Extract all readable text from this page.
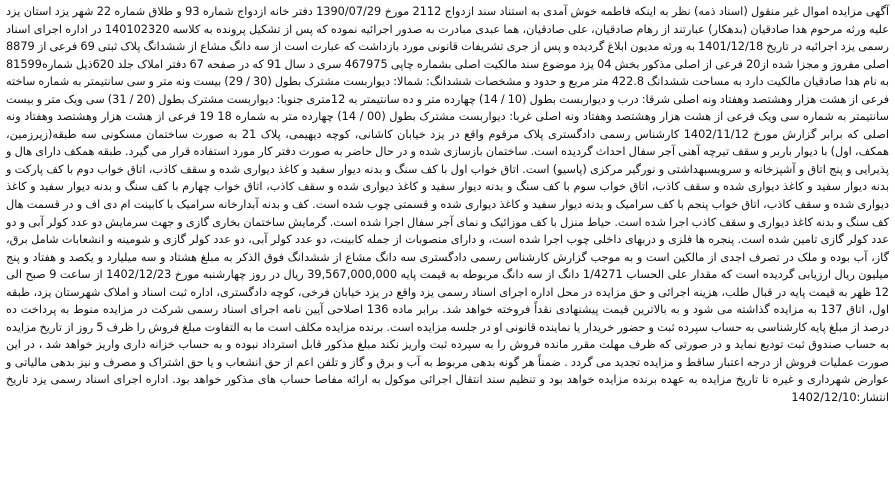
آگهی مزایده اموال غیر منقول (اسناد ذمه) نظر به اینکه فاطمه خوش آمدی به استناد سند ازدواج 2112 مورخ 1390/07/29 دفتر خانه ازدواج شماره 93 و طلاق شماره 22 شهر یزد استان یزد علیه ورثه مرحوم هدا صادقیان (بدهکار) عبارتند از رهام صادقیان، علی صادقیان، هما عبدی مبادرت به صدور اجرائیه نموده که پس از تشکیل پرونده به کلاسه 140102320 در اداره اجرای اسناد رسمی یزد اجرائیه در تاریخ 1401/12/18 به ورثه مدیون ابلاغ گردیده و پس از جری تشریفات قانونی مورد بازداشت که عبارت است از سه دانگ مشاع از ششدانگ پلاک ثبتی 69 فرعی از 8879 اصلی مفروز و مجزا شده از20 فرعی از اصلی مذکور بخش 04 یزد موضوع سند مالکیت اصلی بشماره چاپی 467975 سری د سال 91 که در صفحه 67 دفتر املاک جلد 620ذیل شماره81599 به نام هدا صادقیان مالکیت دارد به مساحت ششدانگ 422.8 متر مربع و حدود و مشخصات ششدانگ: شمالا: دیواربست مشترک بطول (30 / 29) بیست ونه متر و سی سانتیمتر به شماره ساخته فرعی از هشت هزار وهشتصد وهفتاد ونه اصلی شرقا: درب و دیواربست بطول (10 / 14) چهارده متر و ده سانتیمتر به 12متری جنوبا: دیواربست مشترک بطول (20 / 31) سی ویک متر و بیست سانتیمتر به شماره سی ویک فرعی از هشت هزار وهشتصد وهفتاد ونه اصلی غربا: دیواربست مشترک بطول (00 / 14) چهارده متر به شماره 18 19 فرعی از هشت هزار وهشتصد وهفتاد ونه اصلی که برابر گزارش مورخ 1402/11/12 کارشناس رسمی دادگستری پلاک مرقوم واقع در یزد خیابان کاشانی، کوچه دیهیمی، پلاک 21 به صورت ساختمان مسکونی سه طبقه(زیرزمین، همکف، اول) با دیوار باربر و سقف تیرچه آهنی آجر سفال احداث گردیده است. ساختمان بازسازی شده و در حال حاضر به صورت دفتر کار مورد استفاده قرار می گیرد. طبقه همکف دارای هال و پذیرایی و پنج اتاق و آشپزخانه و سرویسبهداشتی و نورگیر مرکزی (پاسیو) است. اتاق خواب اول با کف سنگ و بدنه دیوار سفید و کاغذ دیواری شده و سقف کاذب، اتاق خواب دوم با کف پارکت و بدنه دیوار سفید و کاغذ دیواری شده و سقف کاذب، اتاق خواب سوم با کف سنگ و بدنه دیوار سفید و کاغذ دیواری شده و سقف کاذب، اتاق خواب چهارم با کف سنگ و بدنه دیوار سفید و کاغذ دیواری شده و سقف کاذب، اتاق خواب پنجم با کف سرامیک و بدنه دیوار سفید و کاغذ دیواری شده و قسمتی چوب شده است. کف و بدنه آبدارخانه سرامیک با کابینت ام دی اف و در قسمت هال کف سنگ و بدنه کاغذ دیواری و سقف کاذب اجرا شده است. حیاط منزل با کف موزائیک و نمای آجر سفال اجرا شده است. گرمایش ساختمان بخاری گازی و جهت سرمایش دو عدد کولر آبی و دو عدد کولر گازی تامین شده است. پنجره ها فلزی و دربهای داخلی چوب اجرا شده است، و دارای منصوبات از جمله کابینت، دو عدد کولر آبی، دو عدد کولر گازی و شومینه و انشعابات شامل برق، گاز، آب بوده و ملک در تصرف اجدی از مالکین است و به موجب گزارش کارشناس رسمی دادگستری سه دانگ مشاع از ششدانگ فوق الذکر به مبلغ هشتاد و سه میلیارد و یکصد و هفتاد و پنج میلیون ریال ارزیابی گردیده است که مقدار علی الحساب 1/4271 دانگ از سه دانگ مربوطه به قیمت پایه 39,567,000,000 ریال در روز چهارشنبه مورخ 1402/12/23 از ساعت 9 صبح الی 12 ظهر به قیمت پایه در قبال طلب، هزینه اجرائی و حق مزایده در محل اداره اجرای اسناد رسمی یزد واقع در یزد خیابان فرخی، کوچه دادگستری، اداره ثبت اسناد و املاک شهرستان یزد، طبقه اول، اتاق 137 به مزایده گذاشته می شود و به بالاترین قیمت پیشنهادی نقداً فروخته خواهد شد. برابر ماده 136 اصلاحی آیین نامه اجرای اسناد رسمی شرکت در مزایده منوط به پرداخت ده درصد از مبلغ پایه کارشناسی به حساب سپرده ثبت و حضور خریدار یا نماینده قانونی او در جلسه مزایده است. برنده مزایده مکلف است ما به التفاوت مبلغ فروش را ظرف 5 روز از تاریخ مزایده به حساب صندوق ثبت تودیع نماید و در صورتی که ظرف مهلت مقرر مانده فروش را به سپرده ثبت واریز نکند مبلغ مذکور قابل استرداد نبوده و به حساب خزانه داری واریز خواهد شد ، در این صورت عملیات فروش از درجه اعتبار ساقط و مزایده تجدید می گردد . ضمناً هر گونه بدهی مربوط به آب و برق و گاز و تلفن اعم از حق انشعاب و یا حق اشتراک و مصرف و نیز بدهی مالیاتی و عوارض شهرداری و غیره تا تاریخ مزایده به عهده برنده مزایده خواهد بود و تنظیم سند انتقال اجرائی موکول به ارائه مفاصا حساب های مذکور خواهد بود. اداره اجرای اسناد رسمی یزد تاریخ انتشار:1402/12/10
